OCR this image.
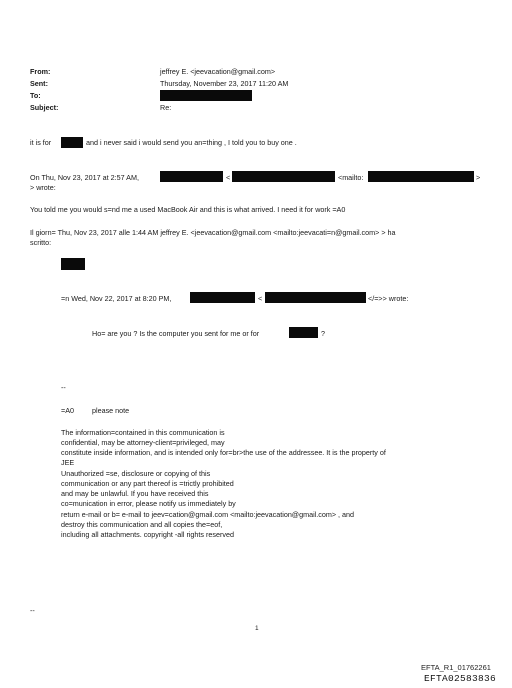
From:	jeffrey E. <jeevacation@gmail.com>
Sent:	Thursday, November 23, 2017 11:20 AM
To:
Subject:	Re:
it is for	and i never said i would send you an=thing , I told you to buy one .
On Thu, Nov 23, 2017 at 2:57 AM,	<	<mailto:	>
> wrote:
You told me you would s=nd me a used MacBook Air and this is what arrived. I need it for work =A0
Il giorn= Thu, Nov 23, 2017 alle 1:44 AM jeffrey E. <jeevacation@gmail.com <mailto:jeevacati=n@gmail.com> > ha
scritto:
=n Wed, Nov 22, 2017 at 8:20 PM,	<	</=>> wrote:
Ho= are you ? Is the computer you sent for me or for	?
--
=A0	please note
The information=contained in this communication is
confidential, may be attorney-client=privileged, may
constitute inside information, and is intended only for=br>the use of the addressee. It is the property of
JEE
Unauthorized =se, disclosure or copying of this
communication or any part thereof is =trictly prohibited
and may be unlawful. If you have received this
co=munication in error, please notify us immediately by
return e-mail or b= e-mail to jeev=cation@gmail.com <mailto:jeevacation@gmail.com> , and
destroy this communication and all copies the=eof,
including all attachments. copyright -all rights reserved
--
1
EFTA_R1_01762261
EFTA02583836
